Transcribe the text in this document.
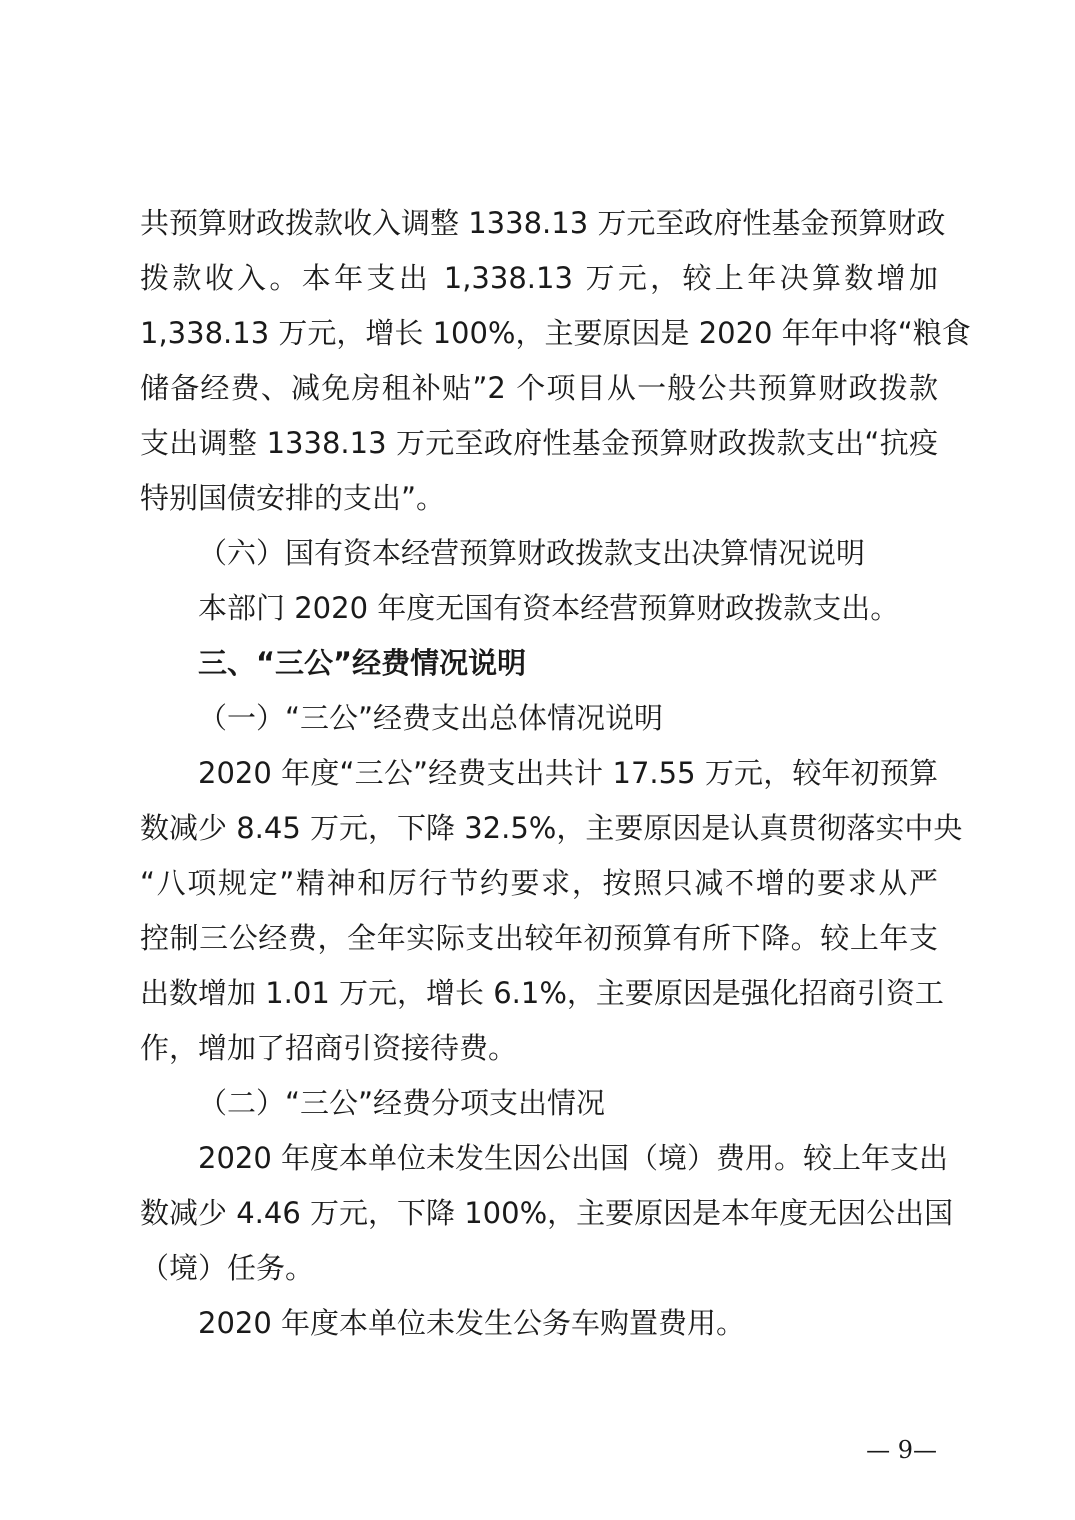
共预算财政拨款收入调整 1338.13 万元至政府性基金预算财政
拨款收入。本年支出 1,338.13 万元，较上年决算数增加
1,338.13 万元，增长 100%，主要原因是 2020 年年中将“粮食
储备经费、减免房租补贴”2 个项目从一般公共预算财政拨款
支出调整 1338.13 万元至政府性基金预算财政拨款支出“抗疫
特别国债安排的支出”。
（六）国有资本经营预算财政拨款支出决算情况说明
本部门 2020 年度无国有资本经营预算财政拨款支出。
三、“三公”经费情况说明
（一）“三公”经费支出总体情况说明
2020 年度“三公”经费支出共计 17.55 万元，较年初预算
数减少 8.45 万元，下降 32.5%，主要原因是认真贯彻落实中央
“八项规定”精神和厉行节约要求，按照只减不增的要求从严
控制三公经费，全年实际支出较年初预算有所下降。较上年支
出数增加 1.01 万元，增长 6.1%，主要原因是强化招商引资工
作，增加了招商引资接待费。
（二）“三公”经费分项支出情况
2020 年度本单位未发生因公出国（境）费用。较上年支出
数减少 4.46 万元，下降 100%，主要原因是本年度无因公出国
（境）任务。
2020 年度本单位未发生公务车购置费用。
— 9—
